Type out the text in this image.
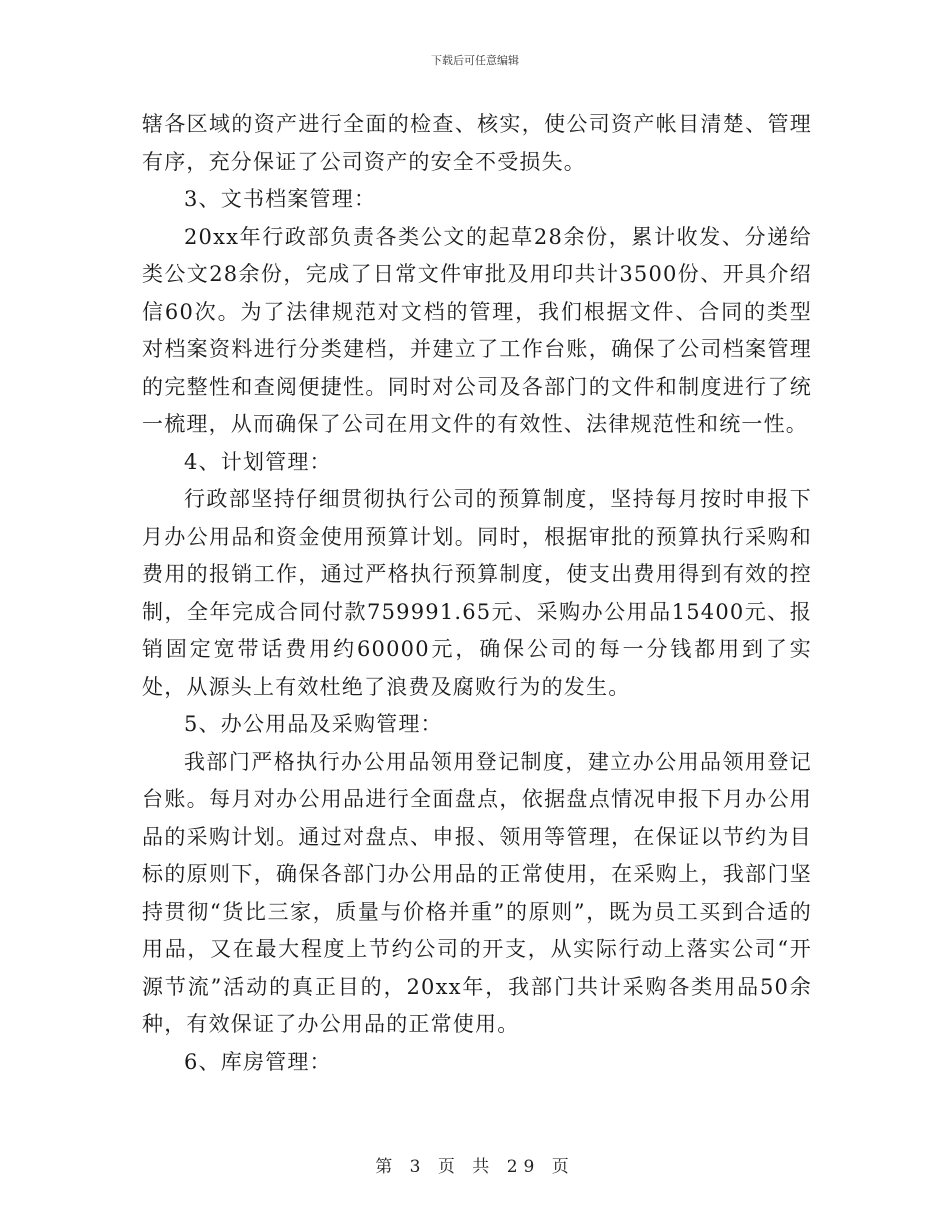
下载后可任意编辑

辖各区域的资产进行全面的检查、核实，使公司资产帐目清楚、管理有序，充分保证了公司资产的安全不受损失。

3、文书档案管理：

20xx年行政部负责各类公文的起草28余份，累计收发、分递给类公文28余份，完成了日常文件审批及用印共计3500份、开具介绍信60次。为了法律规范对文档的管理，我们根据文件、合同的类型对档案资料进行分类建档，并建立了工作台账，确保了公司档案管理的完整性和查阅便捷性。同时对公司及各部门的文件和制度进行了统一梳理，从而确保了公司在用文件的有效性、法律规范性和统一性。

4、计划管理：

行政部坚持仔细贯彻执行公司的预算制度，坚持每月按时申报下月办公用品和资金使用预算计划。同时，根据审批的预算执行采购和费用的报销工作，通过严格执行预算制度，使支出费用得到有效的控制，全年完成合同付款759991.65元、采购办公用品15400元、报销固定宽带话费用约60000元，确保公司的每一分钱都用到了实处，从源头上有效杜绝了浪费及腐败行为的发生。

5、办公用品及采购管理：

我部门严格执行办公用品领用登记制度，建立办公用品领用登记台账。每月对办公用品进行全面盘点，依据盘点情况申报下月办公用品的采购计划。通过对盘点、申报、领用等管理，在保证以节约为目标的原则下，确保各部门办公用品的正常使用，在采购上，我部门坚持贯彻“货比三家，质量与价格并重”的原则”，既为员工买到合适的用品，又在最大程度上节约公司的开支，从实际行动上落实公司“开源节流”活动的真正目的，20xx年，我部门共计采购各类用品50余种，有效保证了办公用品的正常使用。

6、库房管理：

第 3 页 共 29 页
